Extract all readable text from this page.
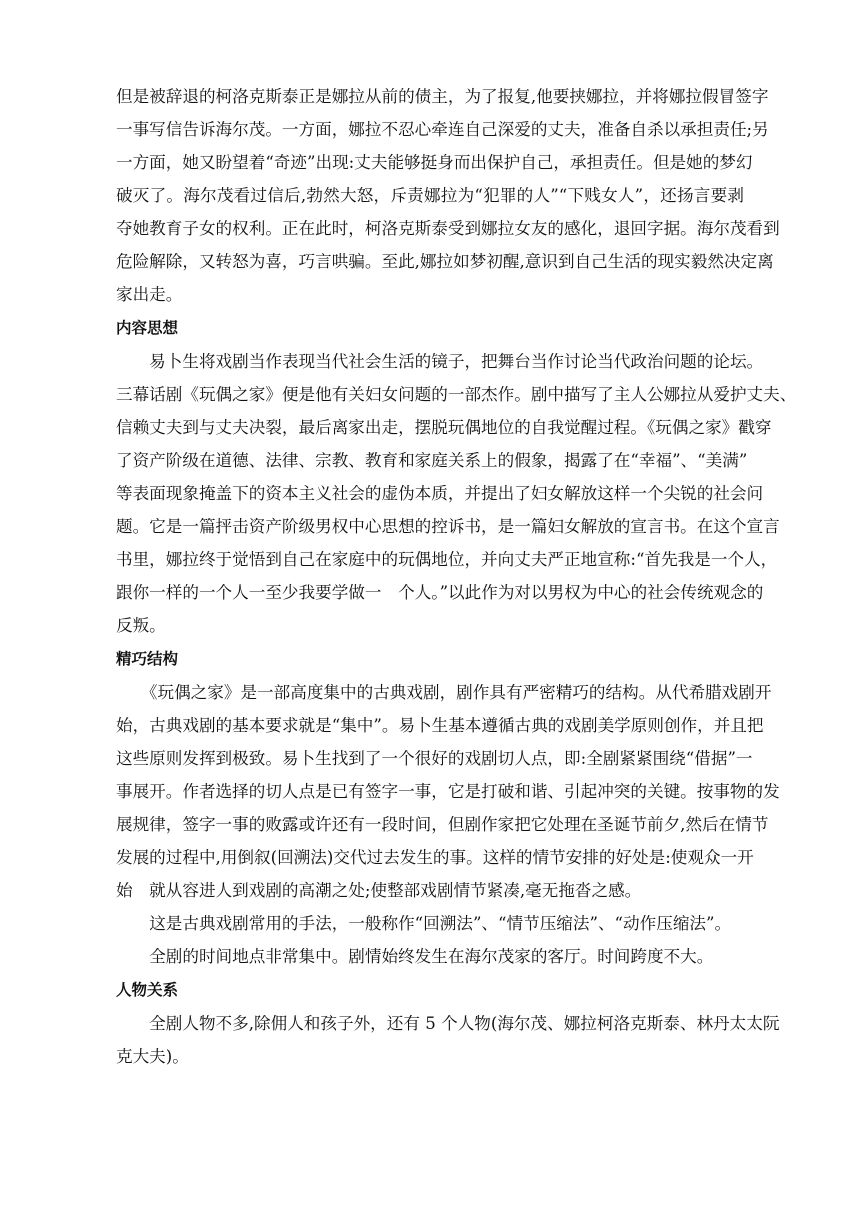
但是被辞退的柯洛克斯泰正是娜拉从前的债主，为了报复,他要挟娜拉，并将娜拉假冒签字
一事写信告诉海尔茂。一方面，娜拉不忍心牵连自己深爱的丈夫，准备自杀以承担责任;另
一方面，她又盼望着“奇迹”出现:丈夫能够挺身而出保护自己，承担责任。但是她的梦幻
破灭了。海尔茂看过信后,勃然大怒，斥责娜拉为“犯罪的人”“下贱女人”，还扬言要剥
夺她教育子女的权利。正在此时，柯洛克斯泰受到娜拉女友的感化，退回字据。海尔茂看到
危险解除，又转怒为喜，巧言哄骗。至此,娜拉如梦初醒,意识到自己生活的现实毅然决定离
家出走。

内容思想

　　易卜生将戏剧当作表现当代社会生活的镜子，把舞台当作讨论当代政治问题的论坛。
三幕话剧《玩偶之家》便是他有关妇女问题的一部杰作。剧中描写了主人公娜拉从爱护丈夫、
信赖丈夫到与丈夫决裂，最后离家出走，摆脱玩偶地位的自我觉醒过程。《玩偶之家》戳穿
了资产阶级在道德、法律、宗教、教育和家庭关系上的假象，揭露了在“幸福”、“美满”
等表面现象掩盖下的资本主义社会的虚伪本质，并提出了妇女解放这样一个尖锐的社会问
题。它是一篇抨击资产阶级男权中心思想的控诉书，是一篇妇女解放的宣言书。在这个宣言
书里，娜拉终于觉悟到自己在家庭中的玩偶地位，并向丈夫严正地宣称:“首先我是一个人，
跟你一样的一个人一至少我要学做一　个人。”以此作为对以男权为中心的社会传统观念的
反叛。

精巧结构

　　《玩偶之家》是一部高度集中的古典戏剧，剧作具有严密精巧的结构。从代希腊戏剧开
始，古典戏剧的基本要求就是“集中”。易卜生基本遵循古典的戏剧美学原则创作，并且把
这些原则发挥到极致。易卜生找到了一个很好的戏剧切人点，即:全剧紧紧围绕“借据”一
事展开。作者选择的切人点是已有签字一事，它是打破和谐、引起冲突的关键。按事物的发
展规律，签字一事的败露或许还有一段时间，但剧作家把它处理在圣诞节前夕,然后在情节
发展的过程中,用倒叙(回溯法)交代过去发生的事。这样的情节安排的好处是:使观众一开
始　就从容进人到戏剧的高潮之处;使整部戏剧情节紧凑,毫无拖沓之感。

这是古典戏剧常用的手法，一般称作“回溯法”、“情节压缩法”、“动作压缩法”。

全剧的时间地点非常集中。剧情始终发生在海尔茂家的客厅。时间跨度不大。

人物关系

　　全剧人物不多,除佣人和孩子外，还有 5 个人物(海尔茂、娜拉柯洛克斯泰、林丹太太阮
克大夫)。
